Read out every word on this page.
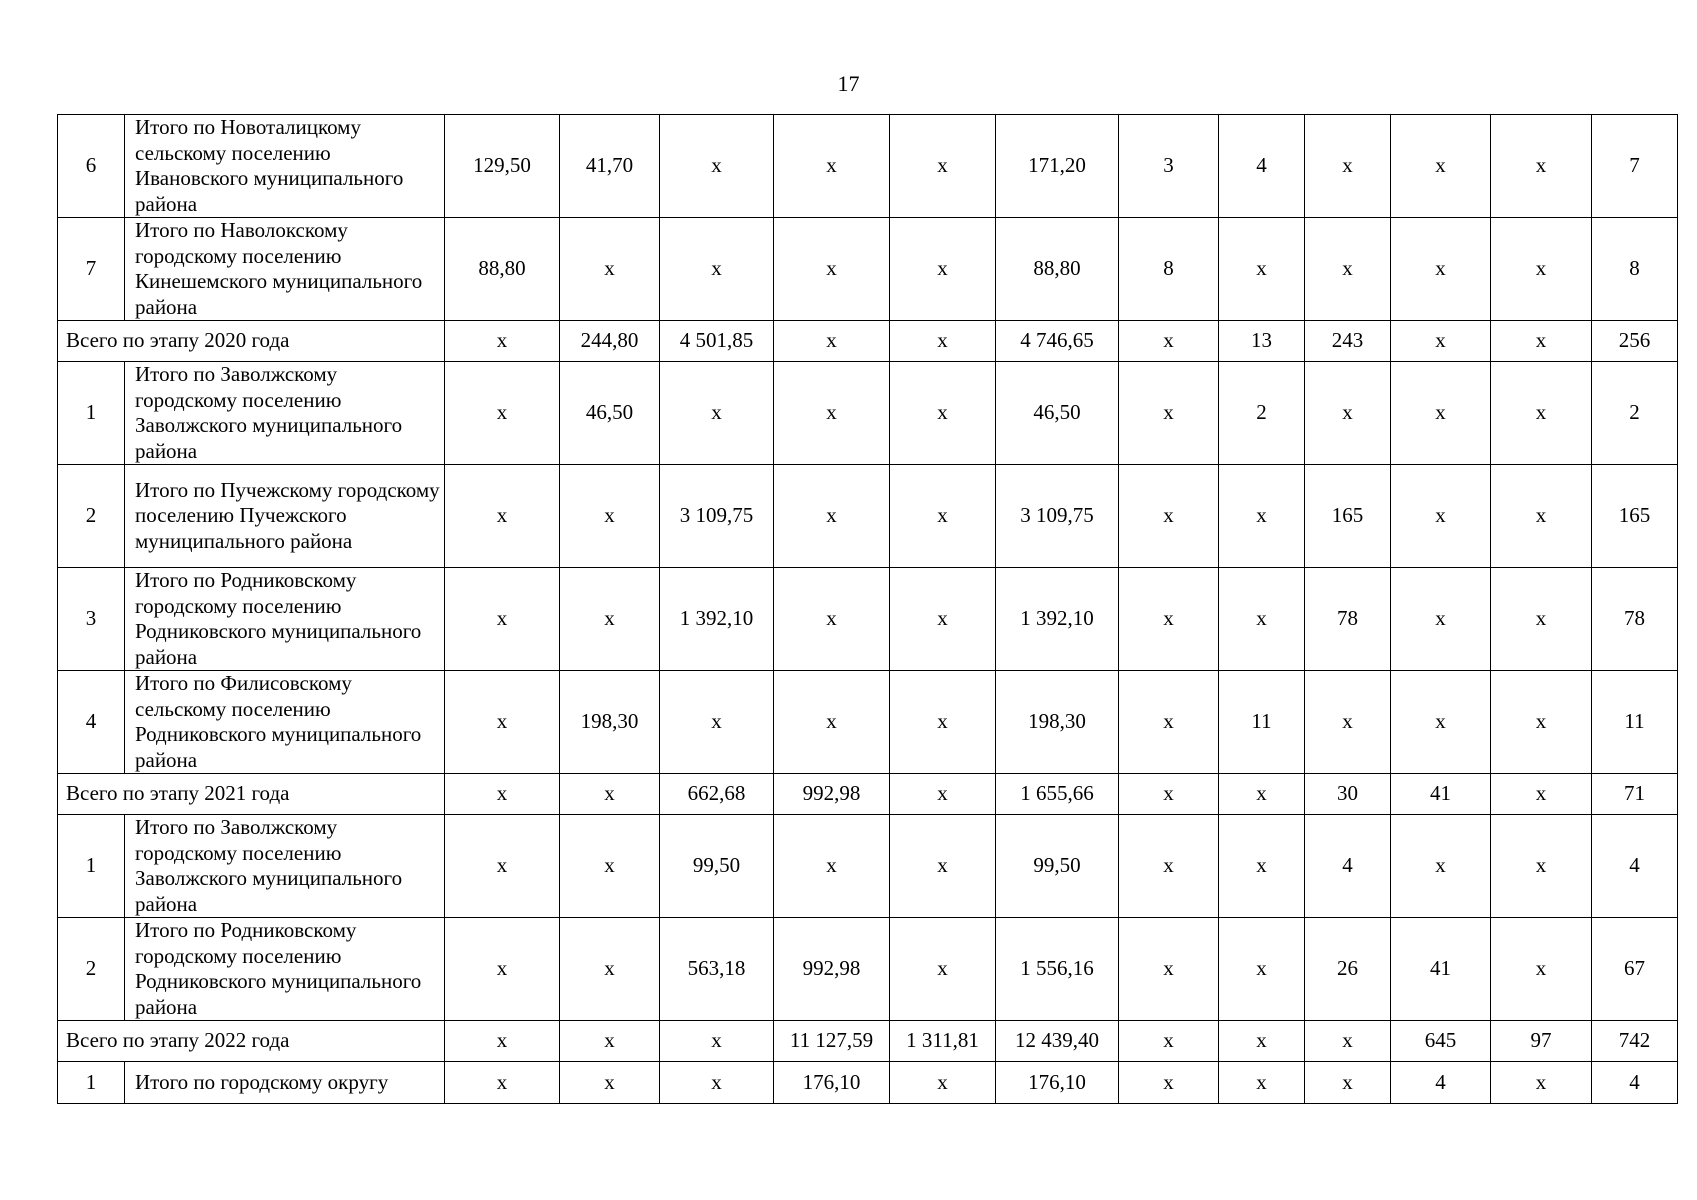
17
6	Итого по Новоталицкому сельскому поселению Ивановского муниципального района	129,50	41,70	х	х	х	171,20	3	4	х	х	х	7
7	Итого по Наволокскому городскому поселению Кинешемского муниципального района	88,80	х	х	х	х	88,80	8	х	х	х	х	8
Всего по этапу 2020 года		х	244,80	4 501,85	х	х	4 746,65	х	13	243	х	х	256
1	Итого по Заволжскому городскому поселению Заволжского муниципального района	х	46,50	х	х	х	46,50	х	2	х	х	х	2
2	Итого по Пучежскому городскому поселению Пучежского муниципального района	х	х	3 109,75	х	х	3 109,75	х	х	165	х	х	165
3	Итого по Родниковскому городскому поселению Родниковского муниципального района	х	х	1 392,10	х	х	1 392,10	х	х	78	х	х	78
4	Итого по Филисовскому сельскому поселению Родниковского муниципального района	х	198,30	х	х	х	198,30	х	11	х	х	х	11
Всего по этапу 2021 года		х	х	662,68	992,98	х	1 655,66	х	х	30	41	х	71
1	Итого по Заволжскому городскому поселению Заволжского муниципального района	х	х	99,50	х	х	99,50	х	х	4	х	х	4
2	Итого по Родниковскому городскому поселению Родниковского муниципального района	х	х	563,18	992,98	х	1 556,16	х	х	26	41	х	67
Всего по этапу 2022 года		х	х	х	11 127,59	1 311,81	12 439,40	х	х	х	645	97	742
1	Итого по городскому округу	х	х	х	176,10	х	176,10	х	х	х	4	х	4
